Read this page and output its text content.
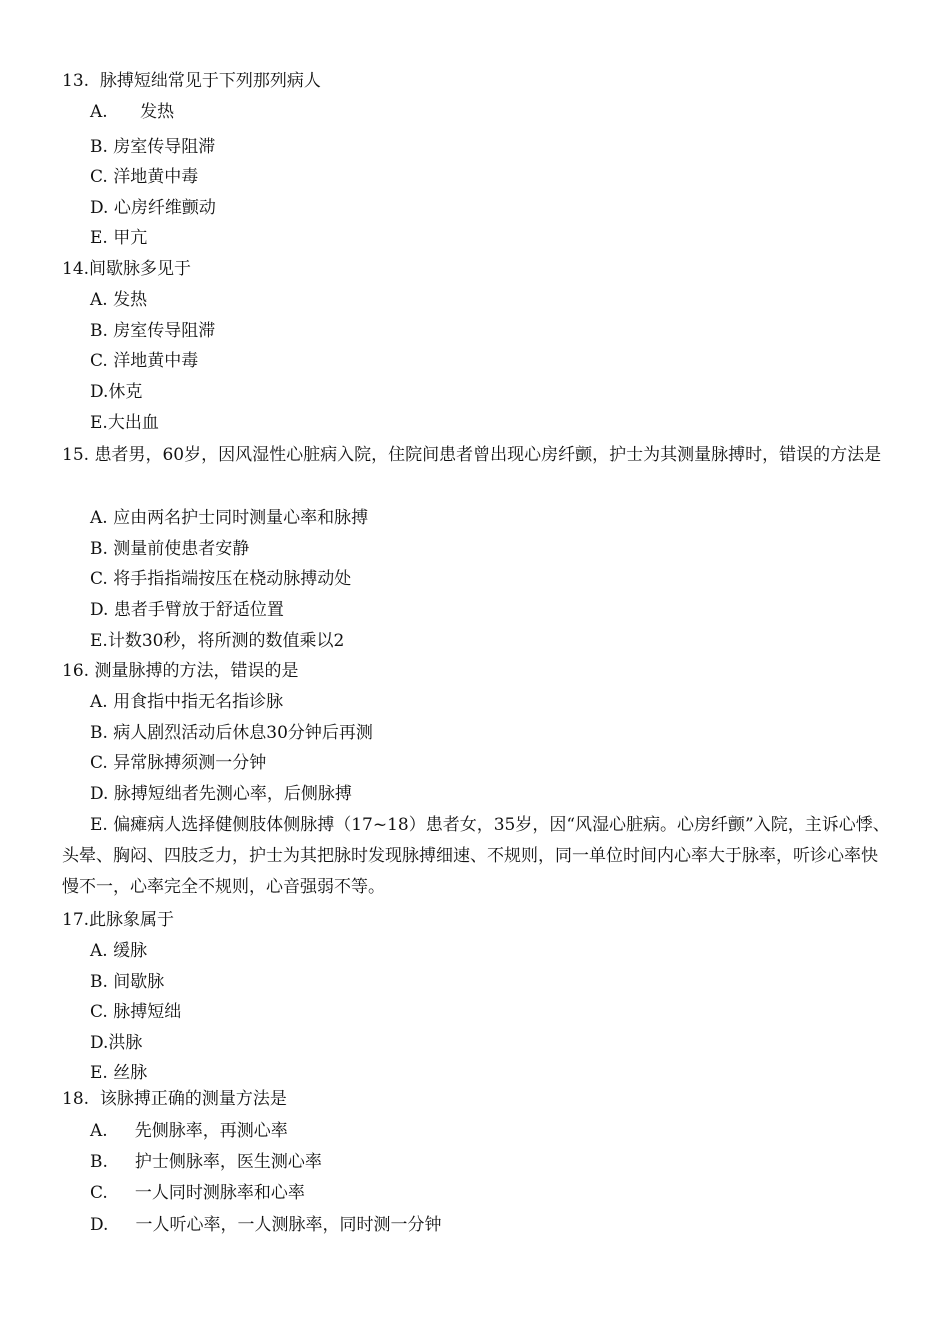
13.  脉搏短绌常见于下列那列病人
A.      发热
B. 房室传导阻滞
C. 洋地黄中毒
D. 心房纤维颤动
E. 甲亢
14.间歇脉多见于
A. 发热
B. 房室传导阻滞
C. 洋地黄中毒
D.休克
E.大出血
15. 患者男，60岁，因风湿性心脏病入院，住院间患者曾出现心房纤颤，护士为其测量脉搏时，错误的方法是
A. 应由两名护士同时测量心率和脉搏
B. 测量前使患者安静
C. 将手指指端按压在桡动脉搏动处
D. 患者手臂放于舒适位置
E.计数30秒，将所测的数值乘以2
16. 测量脉搏的方法，错误的是
A. 用食指中指无名指诊脉
B. 病人剧烈活动后休息30分钟后再测
C. 异常脉搏须测一分钟
D. 脉搏短绌者先测心率，后侧脉搏
E. 偏瘫病人选择健侧肢体侧脉搏（17~18）患者女，35岁，因“风湿心脏病。心房纤颤”入院，主诉心悸、头晕、胸闷、四肢乏力，护士为其把脉时发现脉搏细速、不规则，同一单位时间内心率大于脉率，听诊心率快慢不一，心率完全不规则，心音强弱不等。
17.此脉象属于
A. 缓脉
B. 间歇脉
C. 脉搏短绌
D.洪脉
E. 丝脉
18.  该脉搏正确的测量方法是
A.     先侧脉率，再测心率
B.     护士侧脉率，医生测心率
C.     一人同时测脉率和心率
D.     一人听心率，一人测脉率，同时测一分钟
